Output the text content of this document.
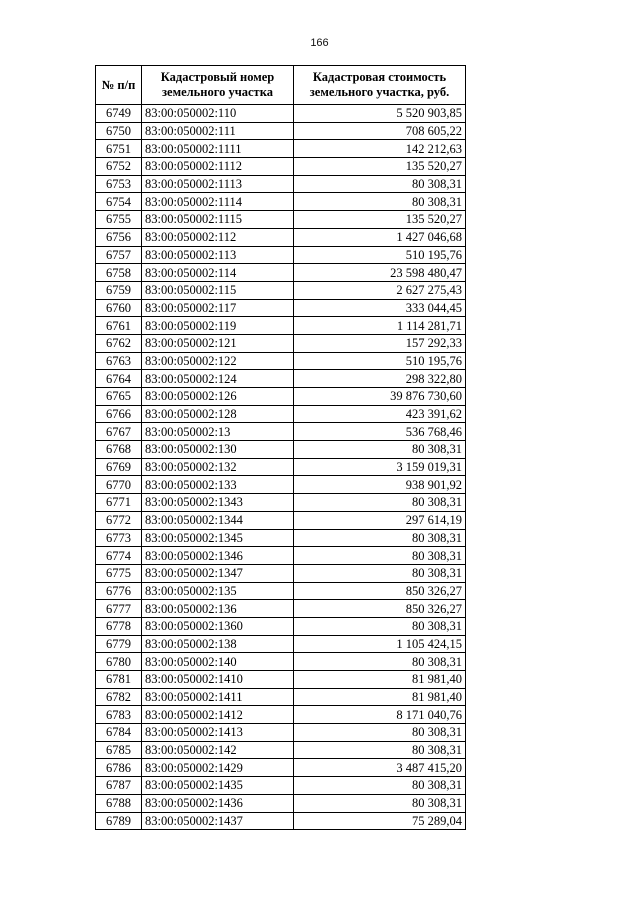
166
№ п/п	Кадастровый номер земельного участка	Кадастровая стоимость земельного участка, руб.
6749	83:00:050002:110	5 520 903,85
6750	83:00:050002:111	708 605,22
6751	83:00:050002:1111	142 212,63
6752	83:00:050002:1112	135 520,27
6753	83:00:050002:1113	80 308,31
6754	83:00:050002:1114	80 308,31
6755	83:00:050002:1115	135 520,27
6756	83:00:050002:112	1 427 046,68
6757	83:00:050002:113	510 195,76
6758	83:00:050002:114	23 598 480,47
6759	83:00:050002:115	2 627 275,43
6760	83:00:050002:117	333 044,45
6761	83:00:050002:119	1 114 281,71
6762	83:00:050002:121	157 292,33
6763	83:00:050002:122	510 195,76
6764	83:00:050002:124	298 322,80
6765	83:00:050002:126	39 876 730,60
6766	83:00:050002:128	423 391,62
6767	83:00:050002:13	536 768,46
6768	83:00:050002:130	80 308,31
6769	83:00:050002:132	3 159 019,31
6770	83:00:050002:133	938 901,92
6771	83:00:050002:1343	80 308,31
6772	83:00:050002:1344	297 614,19
6773	83:00:050002:1345	80 308,31
6774	83:00:050002:1346	80 308,31
6775	83:00:050002:1347	80 308,31
6776	83:00:050002:135	850 326,27
6777	83:00:050002:136	850 326,27
6778	83:00:050002:1360	80 308,31
6779	83:00:050002:138	1 105 424,15
6780	83:00:050002:140	80 308,31
6781	83:00:050002:1410	81 981,40
6782	83:00:050002:1411	81 981,40
6783	83:00:050002:1412	8 171 040,76
6784	83:00:050002:1413	80 308,31
6785	83:00:050002:142	80 308,31
6786	83:00:050002:1429	3 487 415,20
6787	83:00:050002:1435	80 308,31
6788	83:00:050002:1436	80 308,31
6789	83:00:050002:1437	75 289,04
